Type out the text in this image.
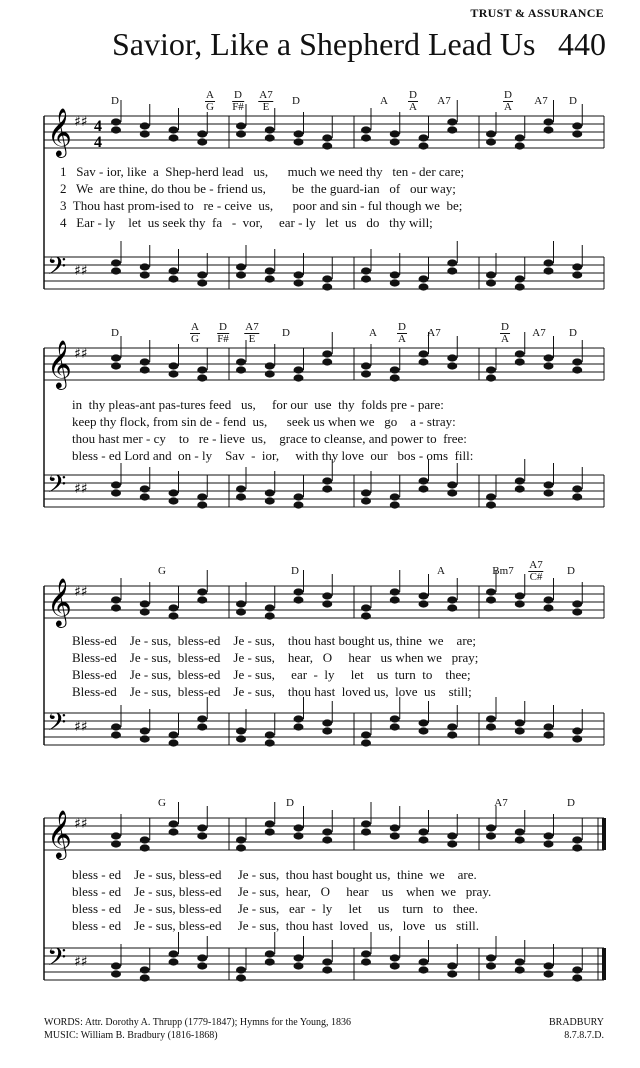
TRUST & ASSURANCE
Savior, Like a Shepherd Lead Us 440
𝄞 ♯♯
𝄢 ♯♯
4
4
D	A
G
D
F#
A7
E	D	A D
A A7	D
A A7 D
1   Sav - ior, like  a  Shep-herd lead   us,      much we need thy   ten - der care;
2   We  are thine, do thou be - friend us,        be  the guard-ian   of   our way;
3  Thou hast prom-ised to   re - ceive  us,      poor and sin - ful though we  be;
4   Ear - ly    let  us seek thy  fa   -  vor,     ear - ly   let  us   do   thy will;
𝄞 ♯♯
𝄢 ♯♯
D	A
G
D
F#
A7
E	D	A D
A A7	D
A A7 D
in  thy pleas-ant pas-tures feed   us,     for our  use  thy  folds pre - pare:
keep thy flock, from sin de - fend  us,      seek us when we   go    a - stray:
thou hast mer - cy    to   re - lieve  us,    grace to cleanse, and power to  free:
bless - ed Lord and  on - ly    Sav  -  ior,     with thy love  our   bos - oms  fill:
𝄞 ♯♯
𝄢 ♯♯
G	D	A	Bm7 A7
C# D
Bless-ed    Je - sus,  bless-ed    Je - sus,    thou hast bought us, thine  we    are;
Bless-ed    Je - sus,  bless-ed    Je - sus,    hear,   O     hear   us when we   pray;
Bless-ed    Je - sus,  bless-ed    Je - sus,     ear  -  ly     let    us  turn  to    thee;
Bless-ed    Je - sus,  bless-ed    Je - sus,    thou hast  loved us,  love  us    still;
𝄞 ♯♯
𝄢 ♯♯
G	D	A7	D
bless - ed    Je - sus, bless-ed     Je - sus,  thou hast bought us,  thine  we    are.
bless - ed    Je - sus, bless-ed     Je - sus,  hear,   O     hear    us    when  we   pray.
bless - ed    Je - sus, bless-ed     Je - sus,   ear  -  ly     let     us    turn   to   thee.
bless - ed    Je - sus, bless-ed     Je - sus,  thou hast  loved   us,   love   us   still.
WORDS: Attr. Dorothy A. Thrupp (1779-1847); Hymns for the Young, 1836
MUSIC: William B. Bradbury (1816-1868)
BRADBURY
8.7.8.7.D.
